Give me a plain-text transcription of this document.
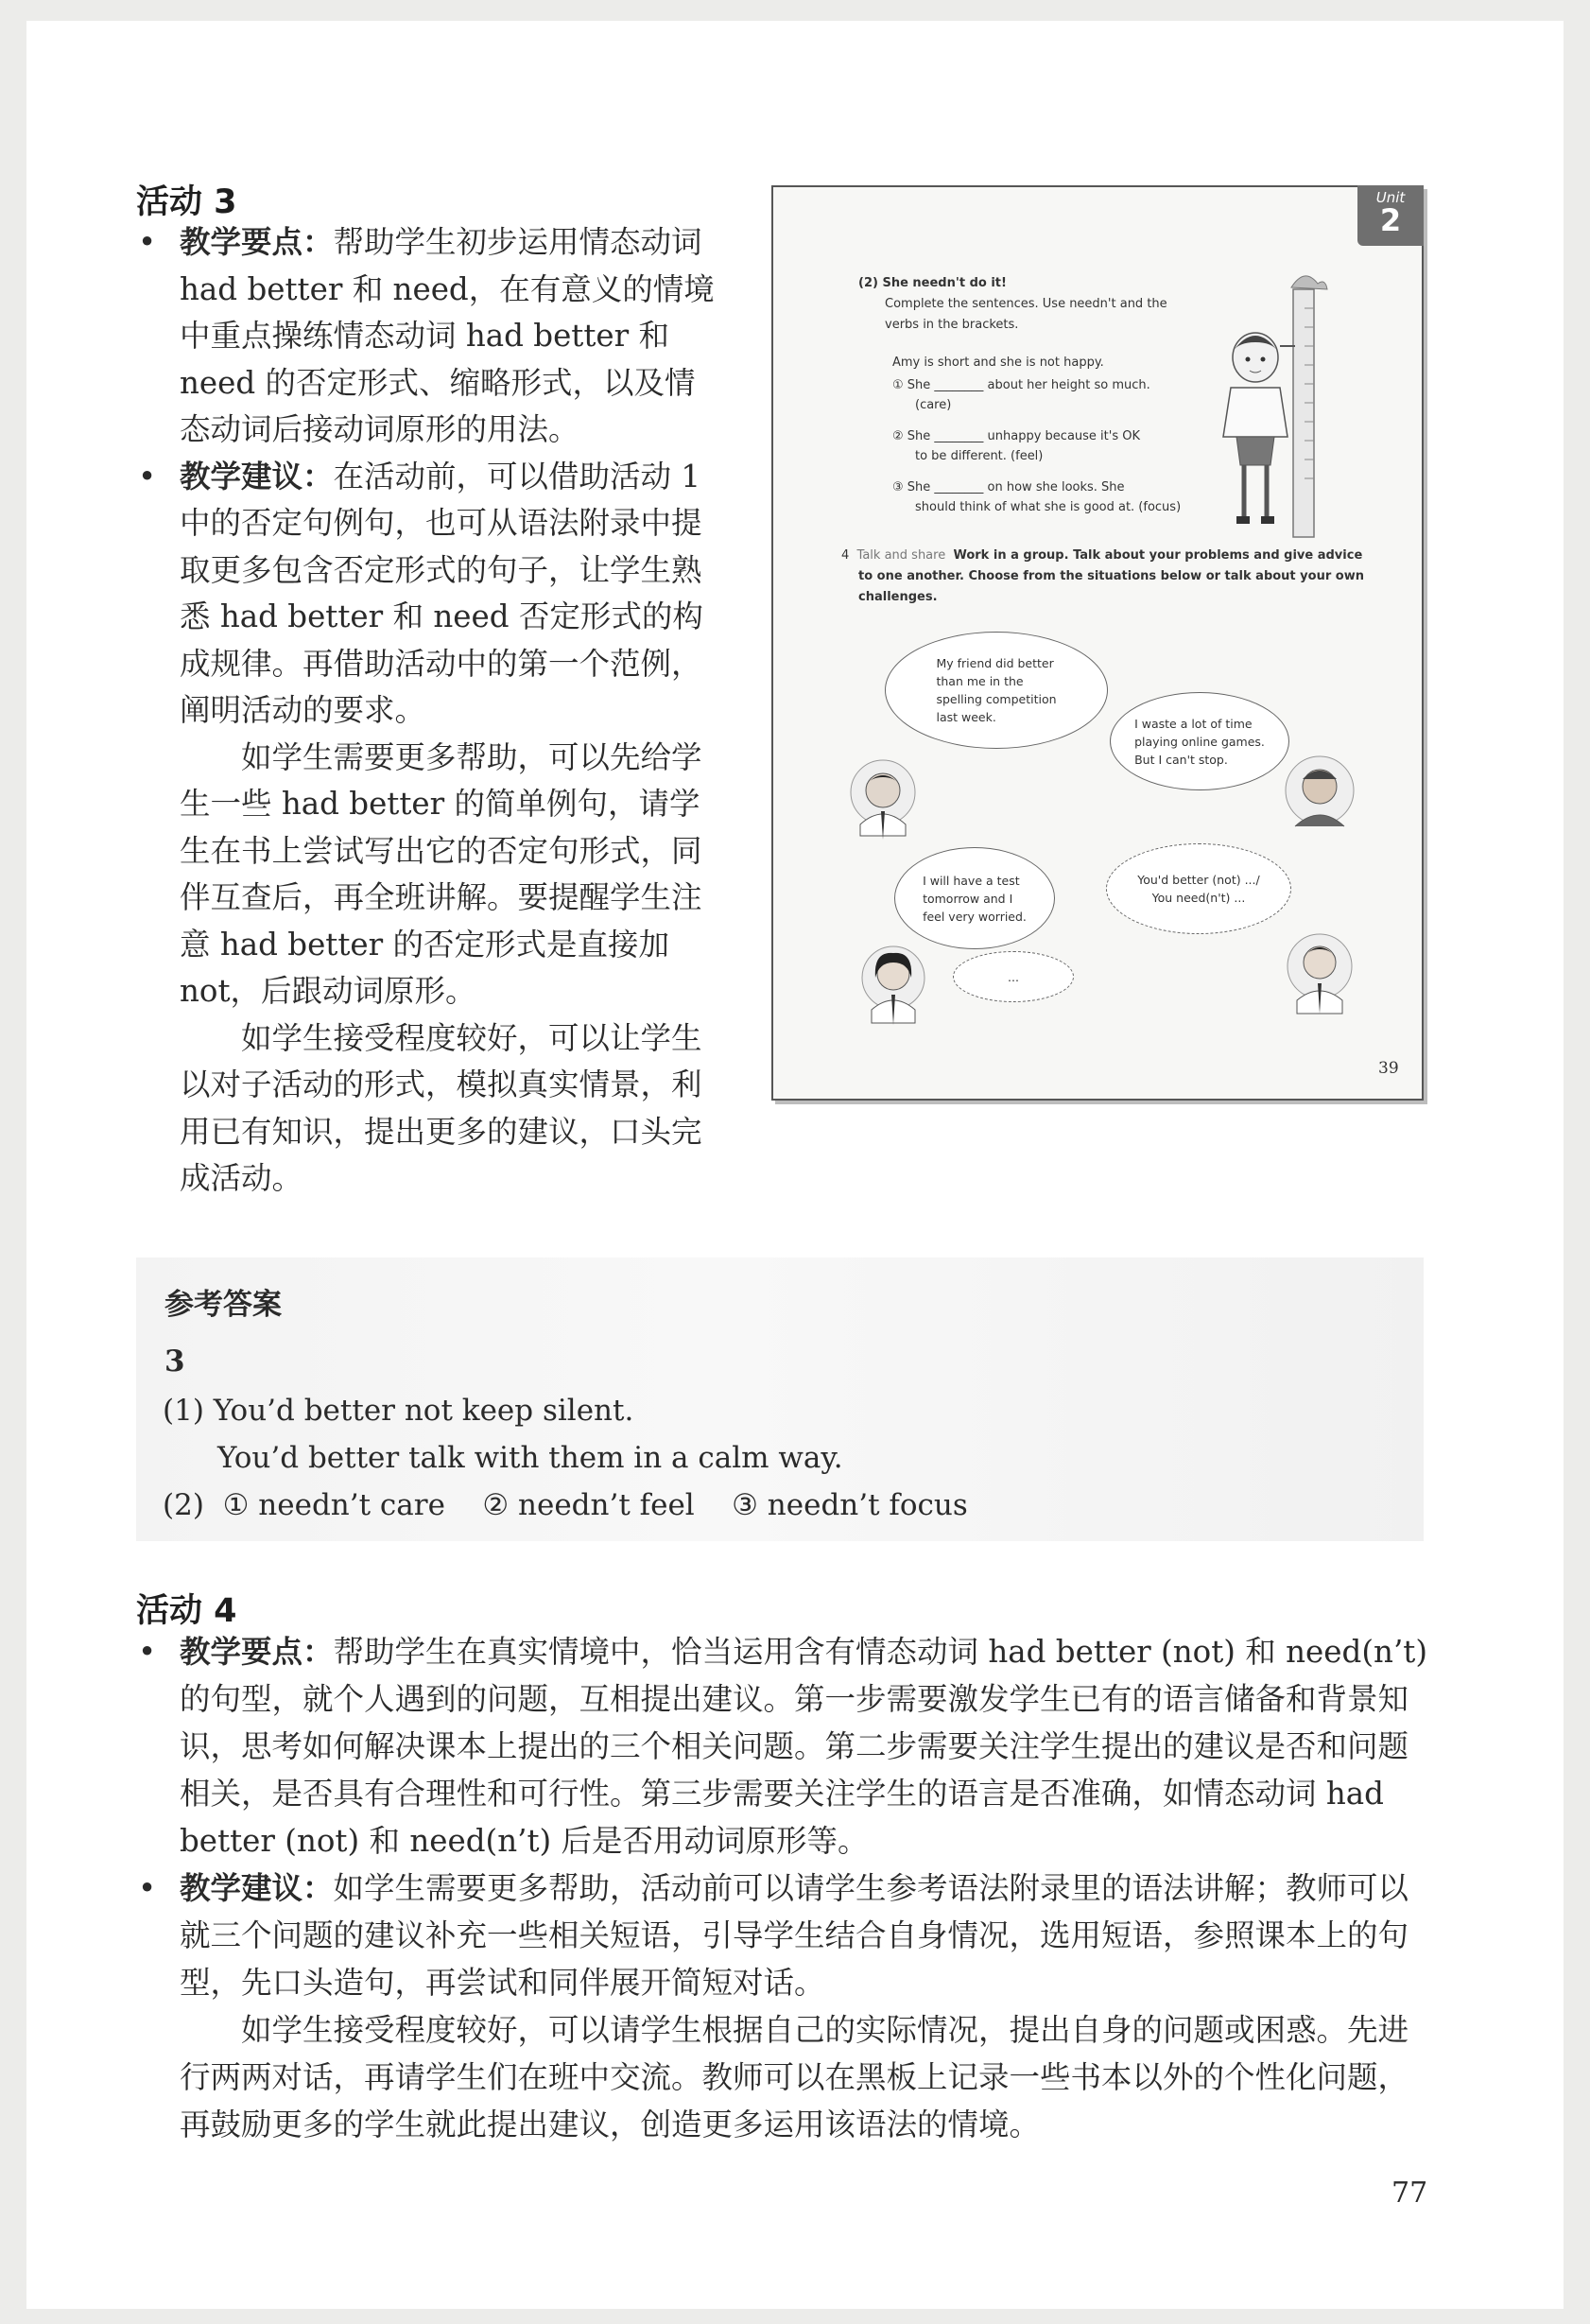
活动 3

• 教学要点：帮助学生初步运用情态动词 had better 和 need，在有意义的情境中重点操练情态动词 had better 和 need 的否定形式、缩略形式，以及情态动词后接动词原形的用法。

• 教学建议：在活动前，可以借助活动 1 中的否定句例句，也可从语法附录中提取更多包含否定形式的句子，让学生熟悉 had better 和 need 否定形式的构成规律。再借助活动中的第一个范例，阐明活动的要求。

如学生需要更多帮助，可以先给学生一些 had better 的简单例句，请学生在书上尝试写出它的否定句形式，同伴互查后，再全班讲解。要提醒学生注意 had better 的否定形式是直接加 not，后跟动词原形。

如学生接受程度较好，可以让学生以对子活动的形式，模拟真实情景，利用已有知识，提出更多的建议，口头完成活动。

Unit
2
(2) She needn't do it!
Complete the sentences. Use needn't and the
verbs in the brackets.
Amy is short and she is not happy.
① She ________ about her height so much.
(care)
② She ________ unhappy because it's OK
to be different. (feel)
③ She ________ on how she looks. She
should think of what she is good at. (focus)
4 Talk and share Work in a group. Talk about your problems and give advice
to one another. Choose from the situations below or talk about your own
challenges.
My friend did better
than me in the
spelling competition
last week.	I waste a lot of time
playing online games.
But I can't stop.
I will have a test
tomorrow and I
feel very worried.
You'd better (not) .../
You need(n't) ...
...
39
参考答案
3
(1) You’d better not keep silent.
You’d better talk with them in a calm way.
(2) ① needn’t care ② needn’t feel ③ needn’t focus
活动 4

• 教学要点：帮助学生在真实情境中，恰当运用含有情态动词 had better (not) 和 need(n’t) 的句型，就个人遇到的问题，互相提出建议。第一步需要激发学生已有的语言储备和背景知识，思考如何解决课本上提出的三个相关问题。第二步需要关注学生提出的建议是否和问题相关，是否具有合理性和可行性。第三步需要关注学生的语言是否准确，如情态动词 had better (not) 和 need(n’t) 后是否用动词原形等。

• 教学建议：如学生需要更多帮助，活动前可以请学生参考语法附录里的语法讲解；教师可以就三个问题的建议补充一些相关短语，引导学生结合自身情况，选用短语，参照课本上的句型，先口头造句，再尝试和同伴展开简短对话。

如学生接受程度较好，可以请学生根据自己的实际情况，提出自身的问题或困惑。先进行两两对话，再请学生们在班中交流。教师可以在黑板上记录一些书本以外的个性化问题，再鼓励更多的学生就此提出建议，创造更多运用该语法的情境。

77
